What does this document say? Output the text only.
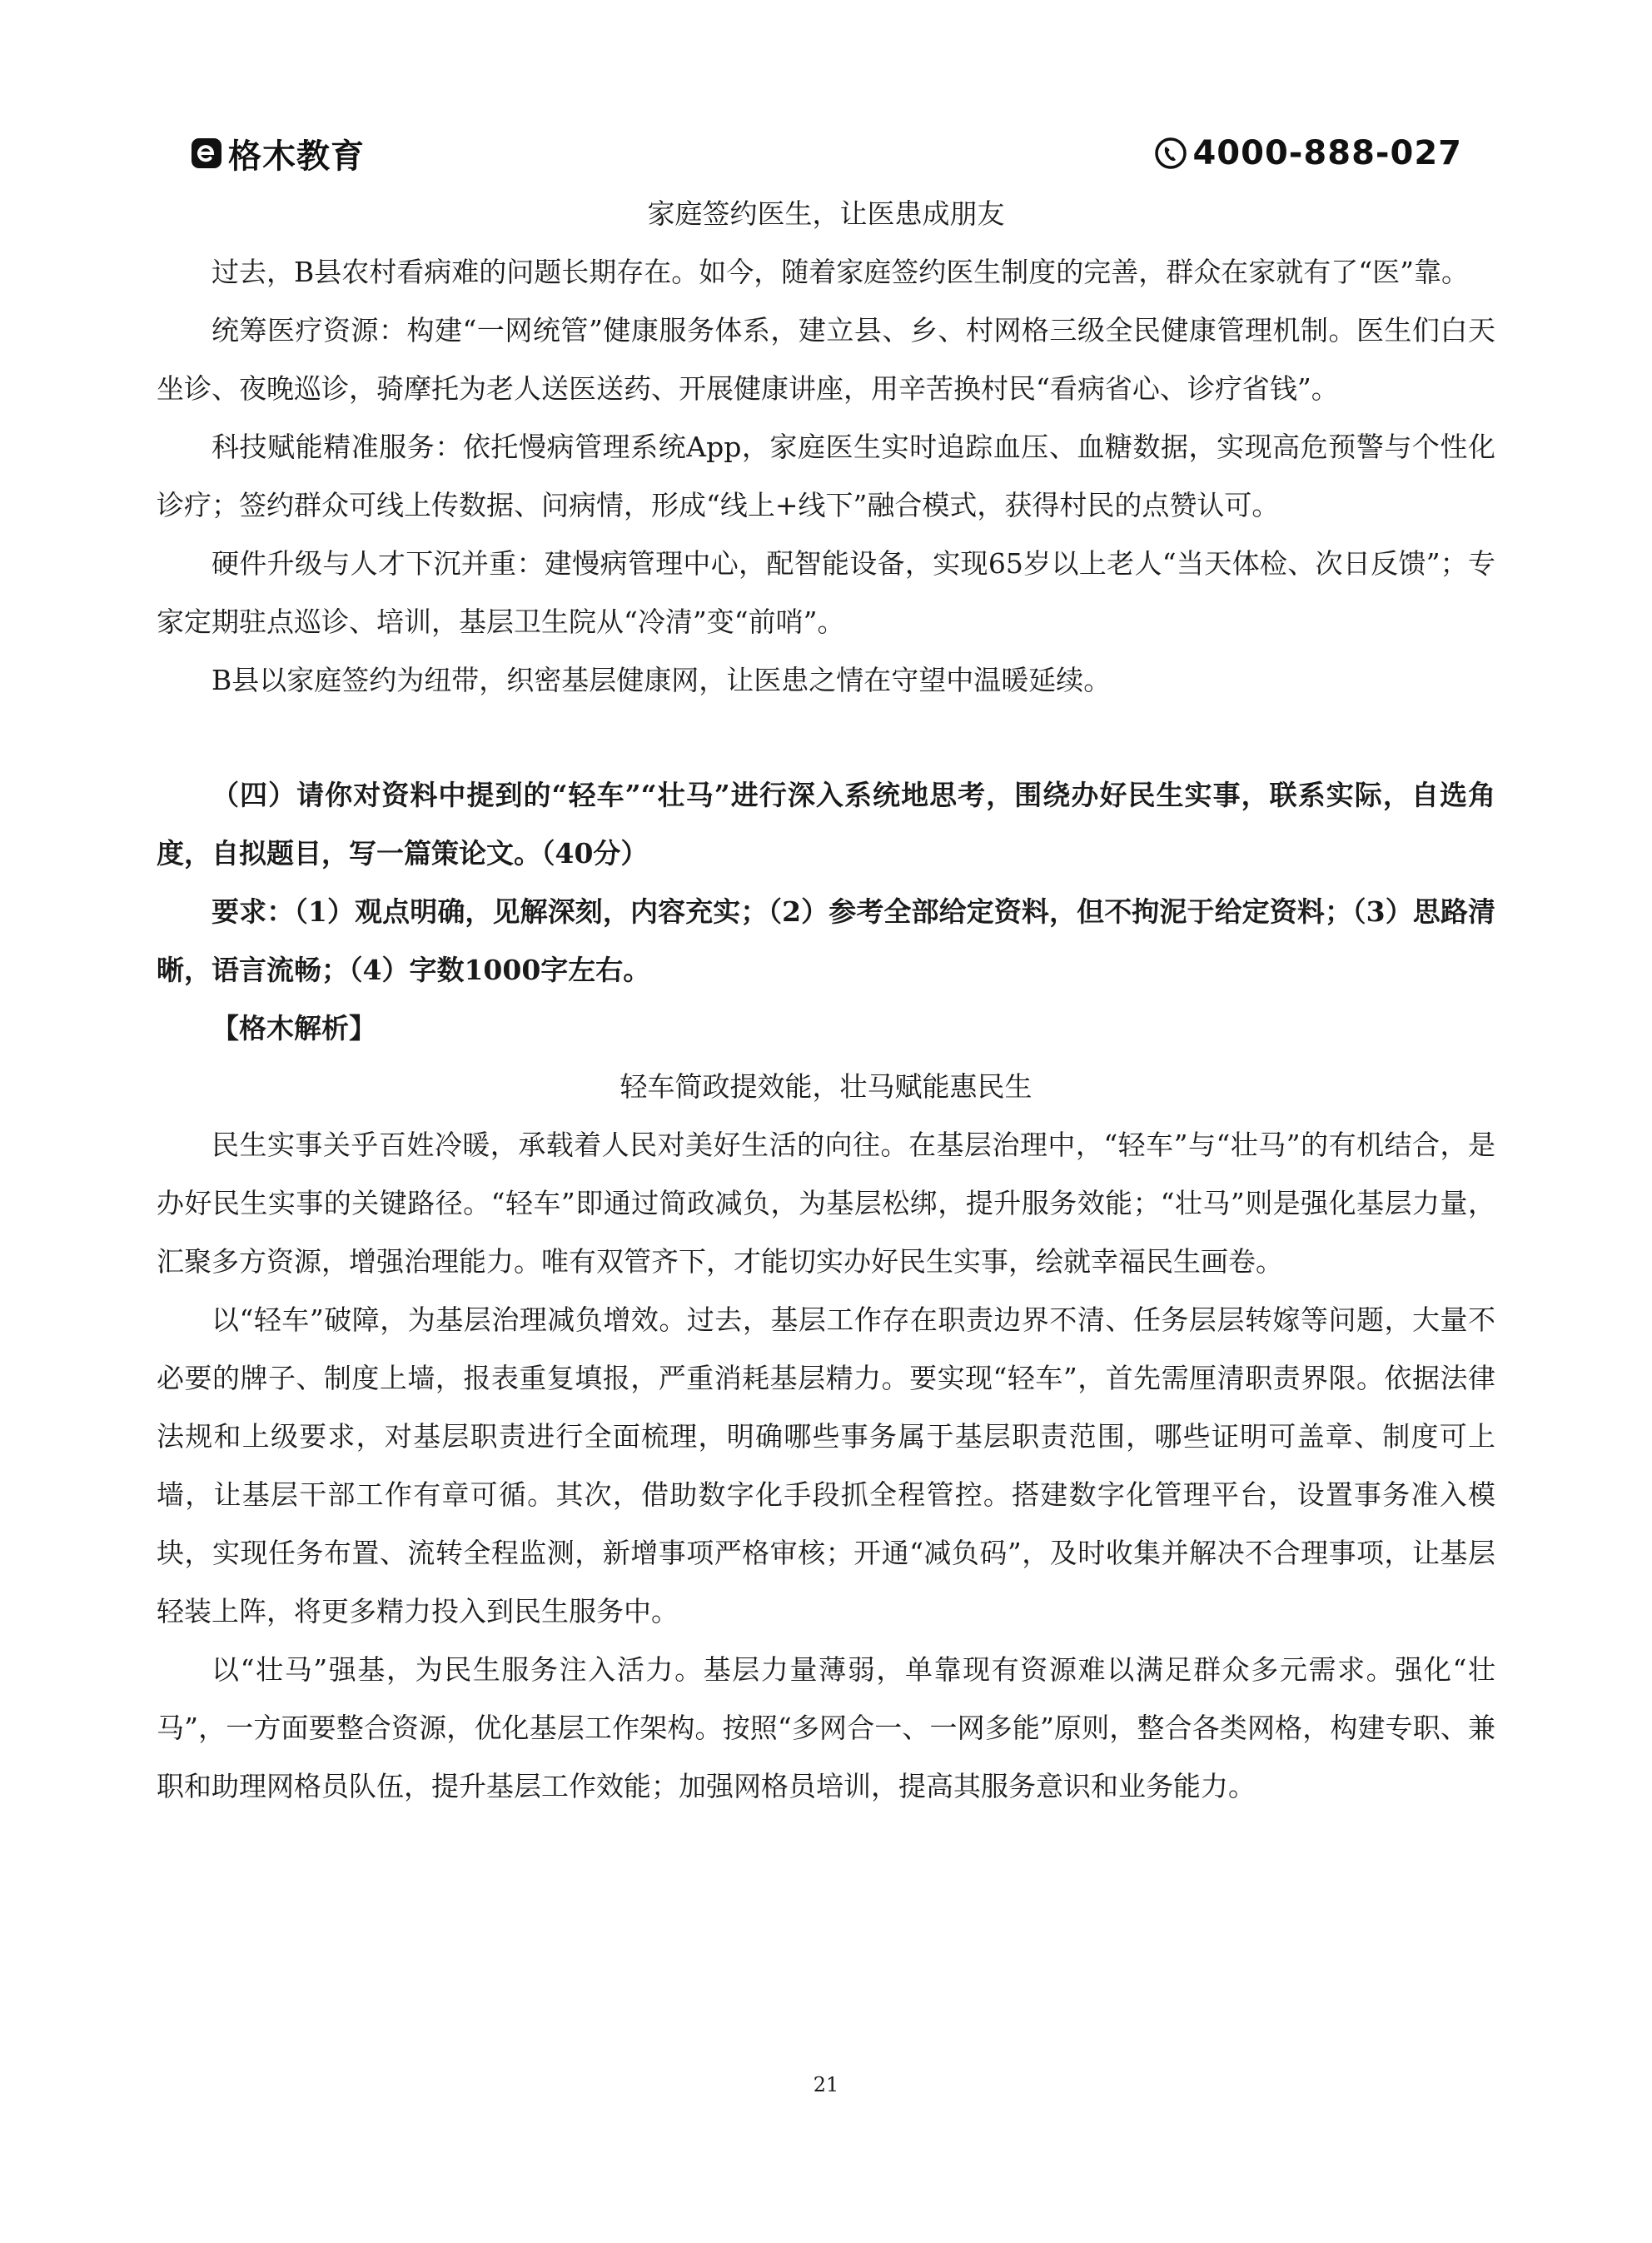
格木教育	4000-888-027
家庭签约医生，让医患成朋友

过去，B县农村看病难的问题长期存在。如今，随着家庭签约医生制度的完善，群众在家就有了“医”靠。

统筹医疗资源：构建“一网统管”健康服务体系，建立县、乡、村网格三级全民健康管理机制。医生们白天坐诊、夜晚巡诊，骑摩托为老人送医送药、开展健康讲座，用辛苦换村民“看病省心、诊疗省钱”。

科技赋能精准服务：依托慢病管理系统App，家庭医生实时追踪血压、血糖数据，实现高危预警与个性化诊疗；签约群众可线上传数据、问病情，形成“线上+线下”融合模式，获得村民的点赞认可。

硬件升级与人才下沉并重：建慢病管理中心，配智能设备，实现65岁以上老人“当天体检、次日反馈”；专家定期驻点巡诊、培训，基层卫生院从“冷清”变“前哨”。

B县以家庭签约为纽带，织密基层健康网，让医患之情在守望中温暖延续。

（四）请你对资料中提到的“轻车”“壮马”进行深入系统地思考，围绕办好民生实事，联系实际，自选角度，自拟题目，写一篇策论文。（40分）

要求：（1）观点明确，见解深刻，内容充实；（2）参考全部给定资料，但不拘泥于给定资料；（3）思路清晰，语言流畅；（4）字数1000字左右。

【格木解析】

轻车简政提效能，壮马赋能惠民生

民生实事关乎百姓冷暖，承载着人民对美好生活的向往。在基层治理中，“轻车”与“壮马”的有机结合，是办好民生实事的关键路径。“轻车”即通过简政减负，为基层松绑，提升服务效能；“壮马”则是强化基层力量，汇聚多方资源，增强治理能力。唯有双管齐下，才能切实办好民生实事，绘就幸福民生画卷。

以“轻车”破障，为基层治理减负增效。过去，基层工作存在职责边界不清、任务层层转嫁等问题，大量不必要的牌子、制度上墙，报表重复填报，严重消耗基层精力。要实现“轻车”，首先需厘清职责界限。依据法律法规和上级要求，对基层职责进行全面梳理，明确哪些事务属于基层职责范围，哪些证明可盖章、制度可上墙，让基层干部工作有章可循。其次，借助数字化手段抓全程管控。搭建数字化管理平台，设置事务准入模块，实现任务布置、流转全程监测，新增事项严格审核；开通“减负码”，及时收集并解决不合理事项，让基层轻装上阵，将更多精力投入到民生服务中。

以“壮马”强基，为民生服务注入活力。基层力量薄弱，单靠现有资源难以满足群众多元需求。强化“壮马”，一方面要整合资源，优化基层工作架构。按照“多网合一、一网多能”原则，整合各类网格，构建专职、兼职和助理网格员队伍，提升基层工作效能；加强网格员培训，提高其服务意识和业务能力。

21
